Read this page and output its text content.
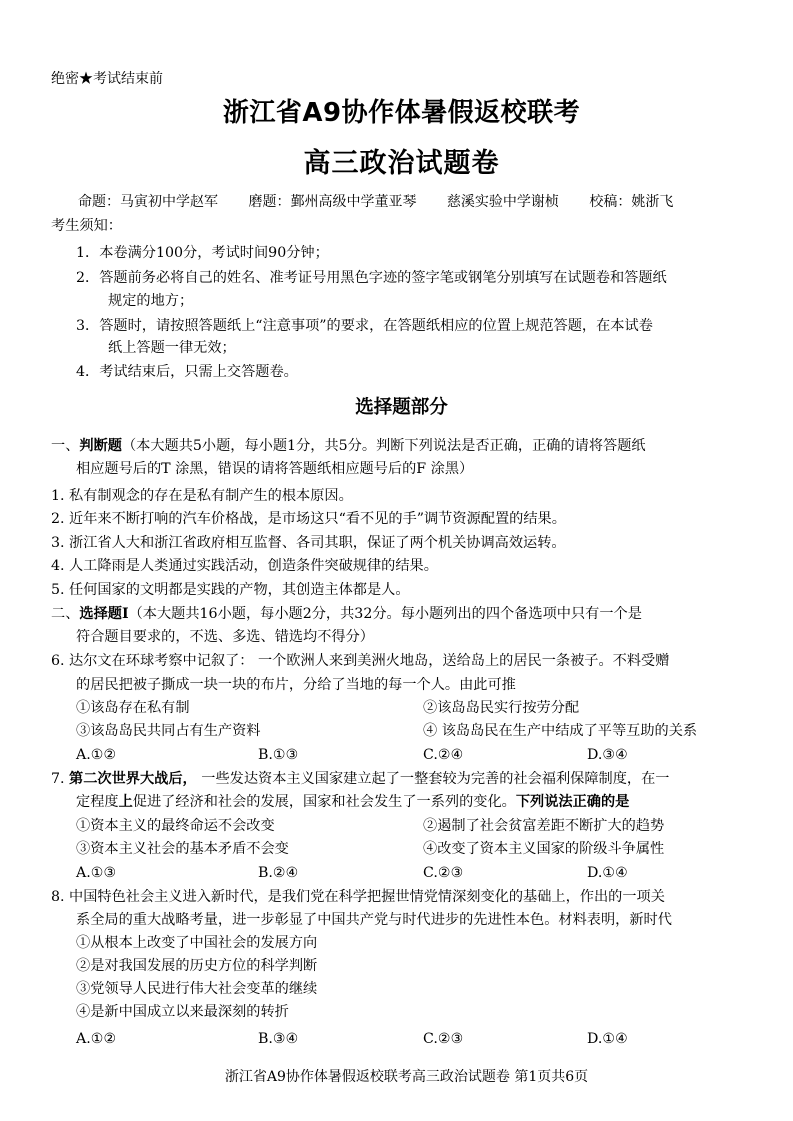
绝密★考试结束前
浙江省A9协作体暑假返校联考
高三政治试题卷
命题：马寅初中学赵军 磨题：鄞州高级中学董亚琴 慈溪实验中学谢桢 校稿：姚浙飞
考生须知：
1．本卷满分100分，考试时间90分钟；
2．答题前务必将自己的姓名、准考证号用黑色字迹的签字笔或钢笔分别填写在试题卷和答题纸
规定的地方；
3．答题时，请按照答题纸上“注意事项”的要求，在答题纸相应的位置上规范答题，在本试卷
纸上答题一律无效；
4．考试结束后，只需上交答题卷。
选择题部分
一、判断题（本大题共5小题，每小题1分，共5分。判断下列说法是否正确，正确的请将答题纸
相应题号后的T 涂黑，错误的请将答题纸相应题号后的F 涂黑）
1. 私有制观念的存在是私有制产生的根本原因。
2. 近年来不断打响的汽车价格战，是市场这只“看不见的手”调节资源配置的结果。
3. 浙江省人大和浙江省政府相互监督、各司其职，保证了两个机关协调高效运转。
4. 人工降雨是人类通过实践活动，创造条件突破规律的结果。
5. 任何国家的文明都是实践的产物，其创造主体都是人。
二、选择题Ⅰ（本大题共16小题，每小题2分，共32分。每小题列出的四个备选项中只有一个是
符合题目要求的，不选、多选、错选均不得分）
6. 达尔文在环球考察中记叙了： 一个欧洲人来到美洲火地岛，送给岛上的居民一条被子。不料受赠
的居民把被子撕成一块一块的布片，分给了当地的每一个人。由此可推
①该岛存在私有制	②该岛岛民实行按劳分配
③该岛岛民共同占有生产资料	④ 该岛岛民在生产中结成了平等互助的关系
A.①②	B.①③	C.②④	D.③④
7. 第二次世界大战后， 一些发达资本主义国家建立起了一整套较为完善的社会福利保障制度，在一
定程度上促进了经济和社会的发展，国家和社会发生了一系列的变化。下列说法正确的是
①资本主义的最终命运不会改变	②遏制了社会贫富差距不断扩大的趋势
③资本主义社会的基本矛盾不会变	④改变了资本主义国家的阶级斗争属性
A.①③	B.②④	C.②③	D.①④
8. 中国特色社会主义进入新时代，是我们党在科学把握世情党情深刻变化的基础上，作出的一项关
系全局的重大战略考量，进一步彰显了中国共产党与时代进步的先进性本色。材料表明，新时代
①从根本上改变了中国社会的发展方向
②是对我国发展的历史方位的科学判断
③党领导人民进行伟大社会变革的继续
④是新中国成立以来最深刻的转折
A.①②	B.③④	C.②③	D.①④
浙江省A9协作体暑假返校联考高三政治试题卷 第1页共6页
